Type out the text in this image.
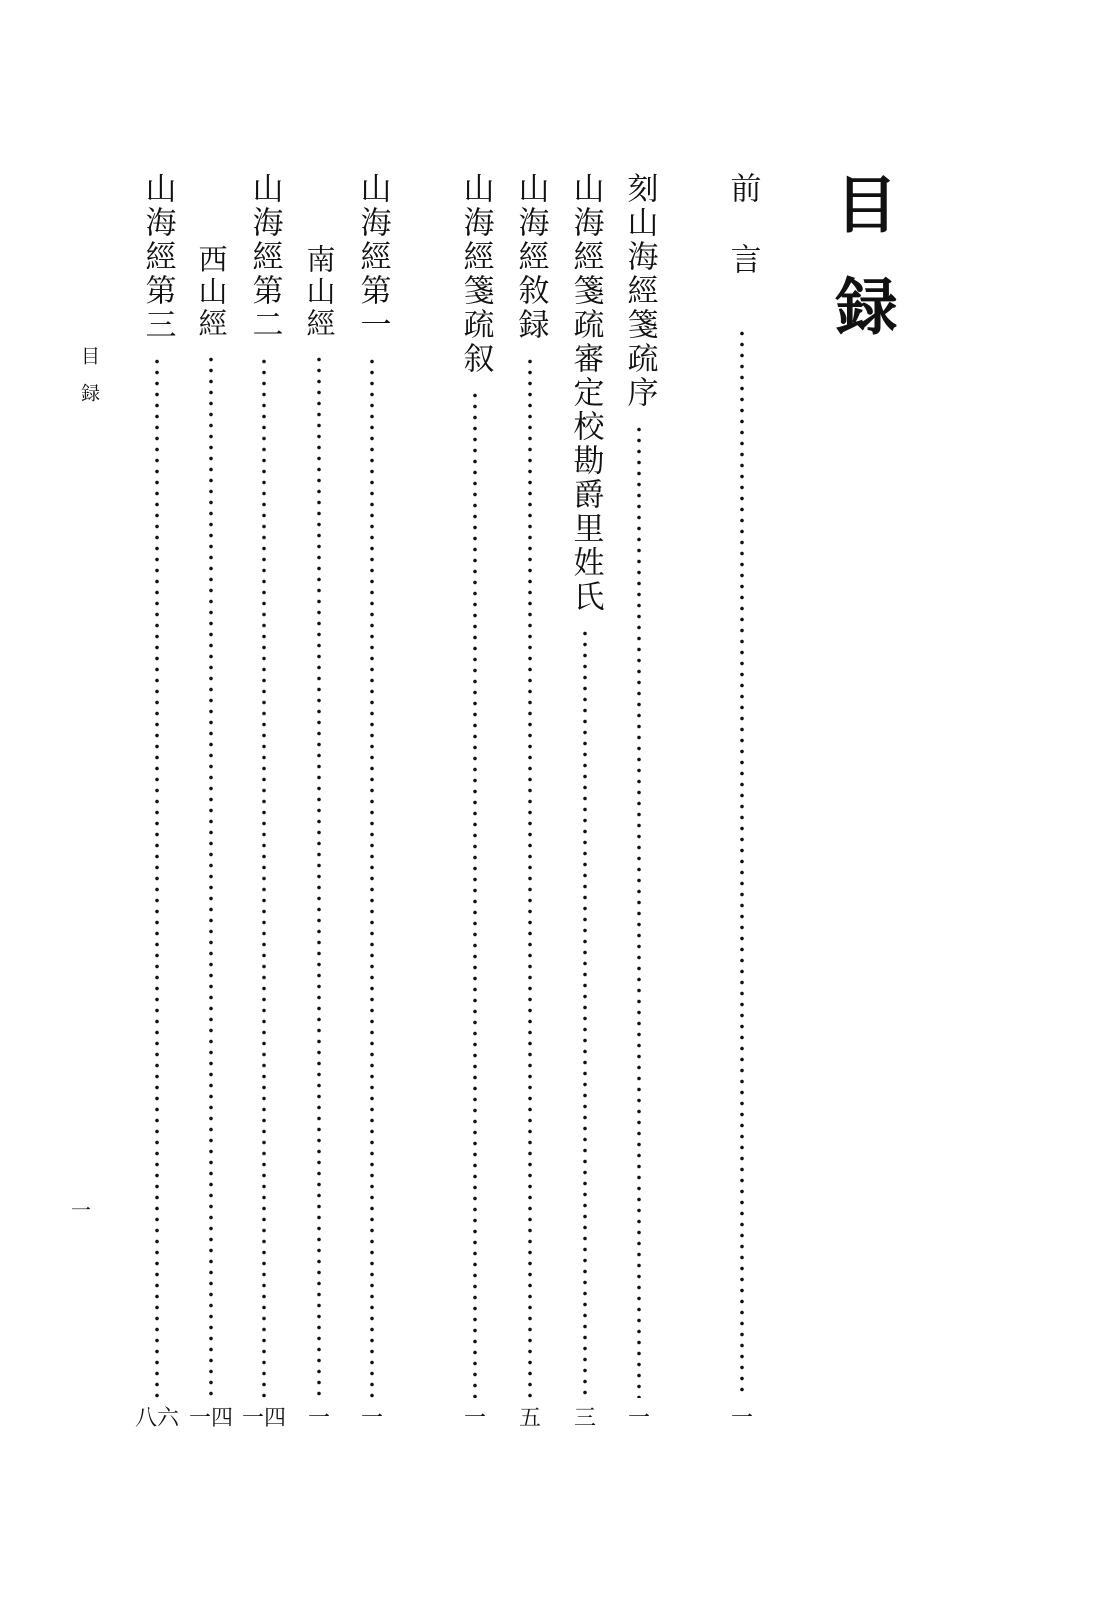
目録
前言
一
刻山海經箋疏序
一
山海經箋疏審定校勘爵里姓氏
三
山海經敘録
五
山海經箋疏叙
一
山海經第一
一
南山經
一
山海經第二
一四
西山經
一四
山海經第三
八六
目録
一
